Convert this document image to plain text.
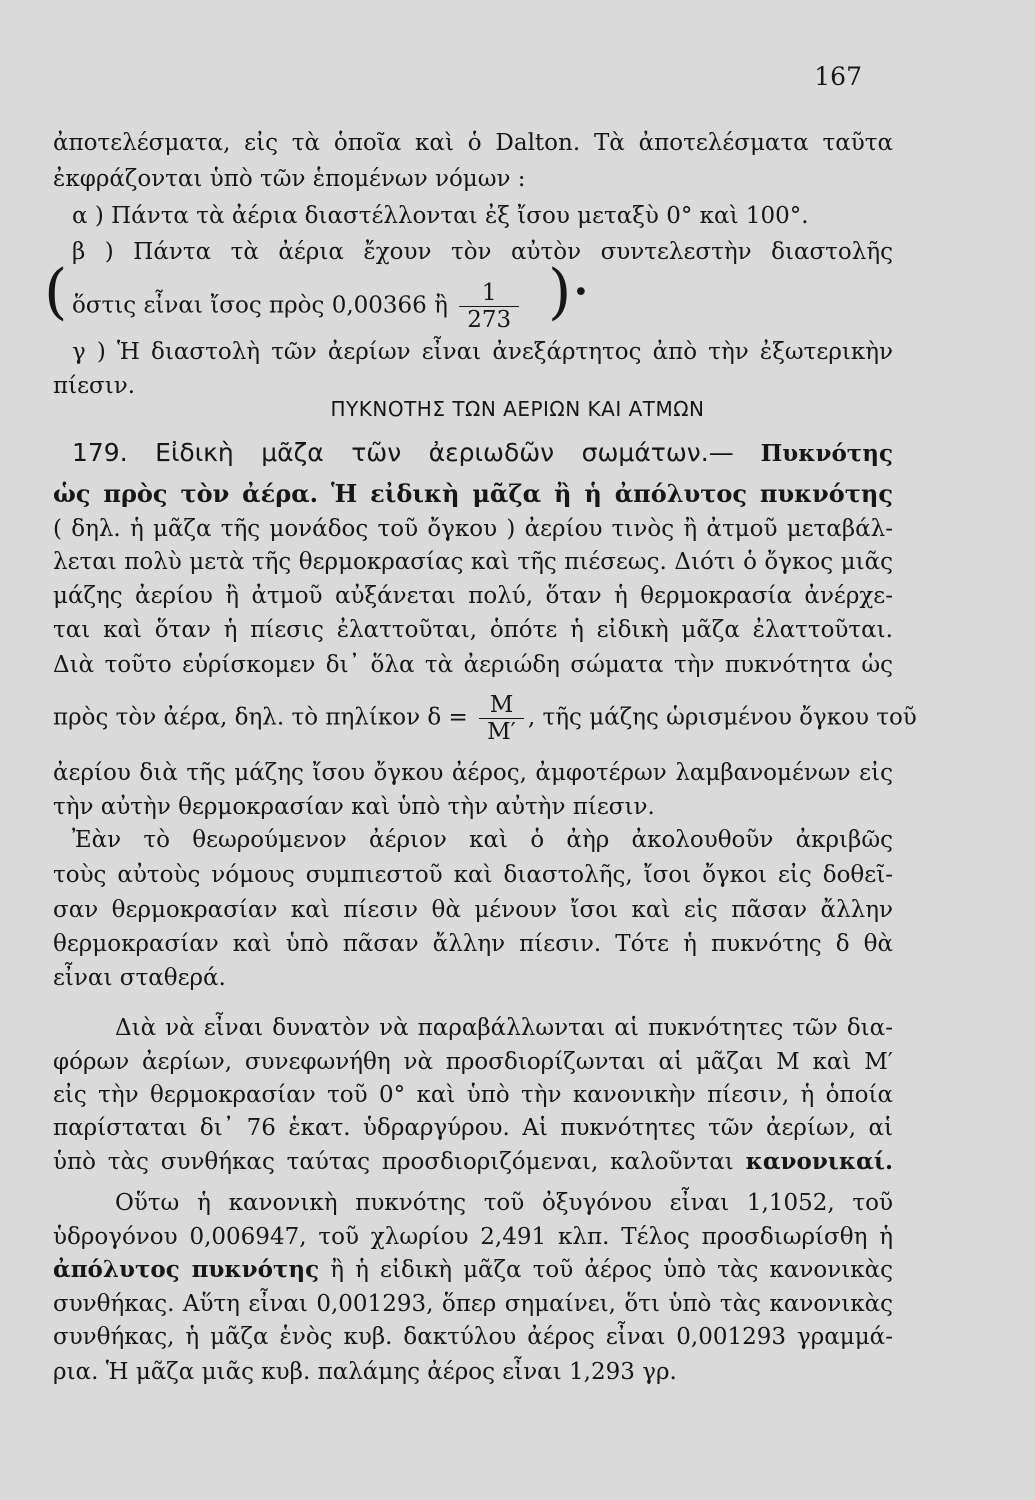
167
ἀποτελέσματα, εἰς τὰ ὁποῖα καὶ ὁ Dalton. Τὰ ἀποτελέσματα ταῦτα
ἐκφράζονται ὑπὸ τῶν ἑπομένων νόμων :
α ) Πάντα τὰ ἀέρια διαστέλλονται ἐξ ἴσου μεταξὺ 0° καὶ 100°.
β ) Πάντα τὰ ἀέρια ἔχουν τὸν αὐτὸν συντελεστὴν διαστολῆς
( ὅστις εἶναι ἴσος πρὸς 0,00366 ἢ $\frac{1}{273}$ )·
γ ) Ἡ διαστολὴ τῶν ἀερίων εἶναι ἀνεξάρτητος ἀπὸ τὴν ἐξωτερικὴν
πίεσιν.
ΠΥΚΝΟΤΗΣ ΤΩΝ ΑΕΡΙΩΝ ΚΑΙ ΑΤΜΩΝ
179. Εἰδικὴ μᾶζα τῶν ἀεριωδῶν σωμάτων.— Πυκνότης
ὡς πρὸς τὸν ἀέρα. Ἡ εἰδικὴ μᾶζα ἢ ἡ ἀπόλυτος πυκνότης
( δηλ. ἡ μᾶζα τῆς μονάδος τοῦ ὄγκου ) ἀερίου τινὸς ἢ ἀτμοῦ μεταβάλ-
λεται πολὺ μετὰ τῆς θερμοκρασίας καὶ τῆς πιέσεως. Διότι ὁ ὄγκος μιᾶς
μάζης ἀερίου ἢ ἀτμοῦ αὐξάνεται πολύ, ὅταν ἡ θερμοκρασία ἀνέρχε-
ται καὶ ὅταν ἡ πίεσις ἐλαττοῦται, ὁπότε ἡ εἰδικὴ μᾶζα ἐλαττοῦται.
Διὰ τοῦτο εὑρίσκομεν δι᾽ ὅλα τὰ ἀεριώδη σώματα τὴν πυκνότητα ὡς
πρὸς τὸν ἀέρα, δηλ. τὸ πηλίκον $\delta = \frac{M}{M'}$ , τῆς μάζης ὡρισμένου ὄγκου τοῦ
ἀερίου διὰ τῆς μάζης ἴσου ὄγκου ἀέρος, ἀμφοτέρων λαμβανομένων εἰς
τὴν αὐτὴν θερμοκρασίαν καὶ ὑπὸ τὴν αὐτὴν πίεσιν.
Ἐὰν τὸ θεωρούμενον ἀέριον καὶ ὁ ἀὴρ ἀκολουθοῦν ἀκριβῶς
τοὺς αὐτοὺς νόμους συμπιεστοῦ καὶ διαστολῆς, ἴσοι ὄγκοι εἰς δοθεῖ-
σαν θερμοκρασίαν καὶ πίεσιν θὰ μένουν ἴσοι καὶ εἰς πᾶσαν ἄλλην
θερμοκρασίαν καὶ ὑπὸ πᾶσαν ἄλλην πίεσιν. Τότε ἡ πυκνότης δ θὰ
εἶναι σταθερά.
Διὰ νὰ εἶναι δυνατὸν νὰ παραβάλλωνται αἱ πυκνότητες τῶν δια-
φόρων ἀερίων, συνεφωνήθη νὰ προσδιορίζωνται αἱ μᾶζαι M καὶ M′
εἰς τὴν θερμοκρασίαν τοῦ 0° καὶ ὑπὸ τὴν κανονικὴν πίεσιν, ἡ ὁποία
παρίσταται δι᾽ 76 ἑκατ. ὑδραργύρου. Αἱ πυκνότητες τῶν ἀερίων, αἱ
ὑπὸ τὰς συνθήκας ταύτας προσδιοριζόμεναι, καλοῦνται κανονικαί.
Οὕτω ἡ κανονικὴ πυκνότης τοῦ ὀξυγόνου εἶναι 1,1052, τοῦ
ὑδρογόνου 0,006947, τοῦ χλωρίου 2,491 κλπ. Τέλος προσδιωρίσθη ἡ
ἀπόλυτος πυκνότης ἢ ἡ εἰδικὴ μᾶζα τοῦ ἀέρος ὑπὸ τὰς κανονικὰς
συνθήκας. Αὕτη εἶναι 0,001293, ὅπερ σημαίνει, ὅτι ὑπὸ τὰς κανονικὰς
συνθήκας, ἡ μᾶζα ἑνὸς κυβ. δακτύλου ἀέρος εἶναι 0,001293 γραμμά-
ρια. Ἡ μᾶζα μιᾶς κυβ. παλάμης ἀέρος εἶναι 1,293 γρ.
